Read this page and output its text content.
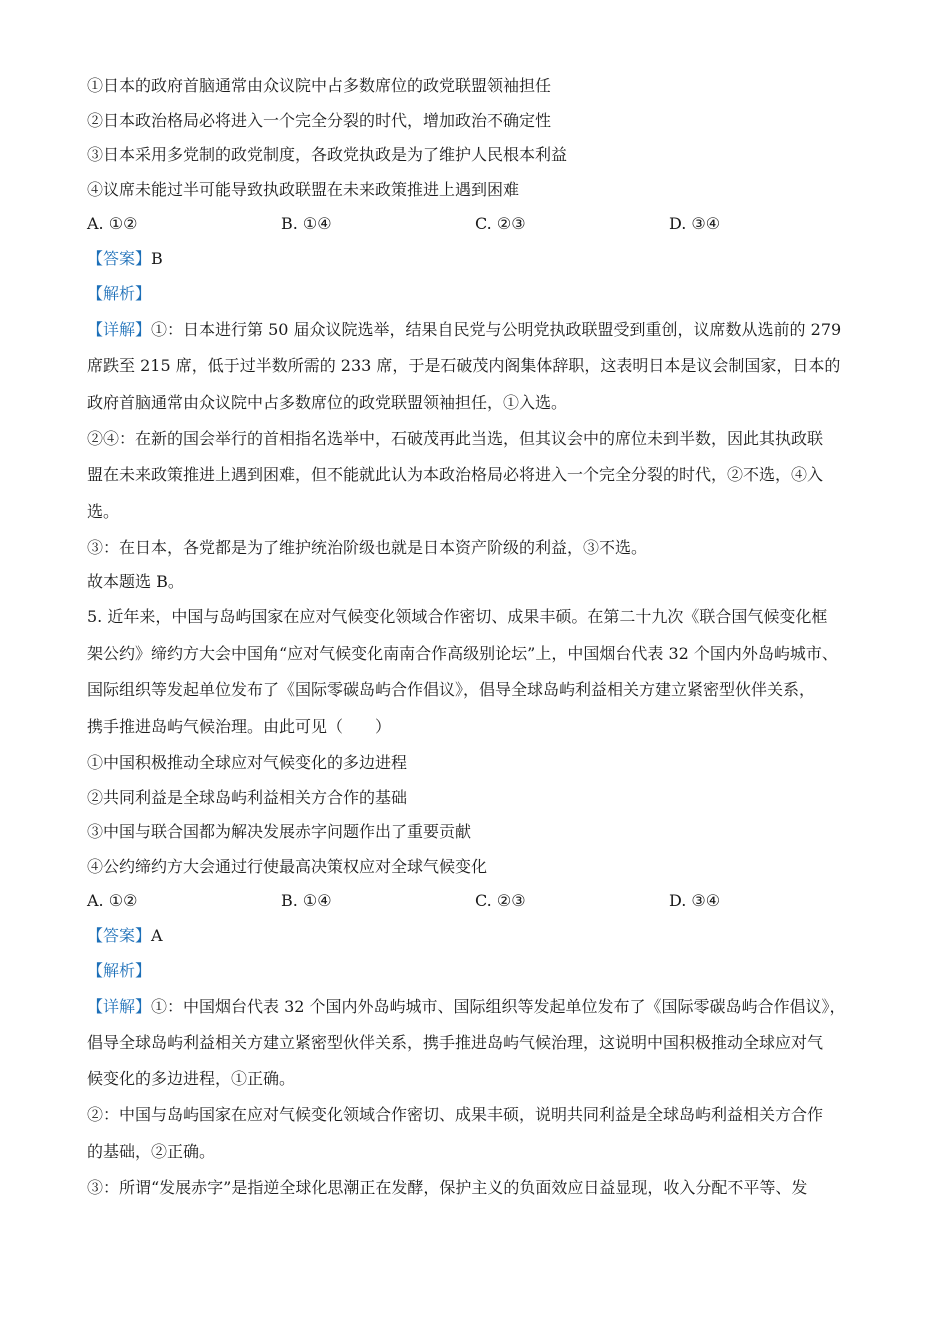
①日本的政府首脑通常由众议院中占多数席位的政党联盟领袖担任
②日本政治格局必将进入一个完全分裂的时代，增加政治不确定性
③日本采用多党制的政党制度，各政党执政是为了维护人民根本利益
④议席未能过半可能导致执政联盟在未来政策推进上遇到困难
A. ①②	B. ①④	C. ②③	D. ③④
【答案】B
【解析】
【详解】①：日本进行第 50 届众议院选举，结果自民党与公明党执政联盟受到重创，议席数从选前的 279
席跌至 215 席，低于过半数所需的 233 席，于是石破茂内阁集体辞职，这表明日本是议会制国家，日本的
政府首脑通常由众议院中占多数席位的政党联盟领袖担任，①入选。
②④：在新的国会举行的首相指名选举中，石破茂再此当选，但其议会中的席位未到半数，因此其执政联
盟在未来政策推进上遇到困难，但不能就此认为本政治格局必将进入一个完全分裂的时代，②不选，④入
选。
③：在日本，各党都是为了维护统治阶级也就是日本资产阶级的利益，③不选。
故本题选 B。
5. 近年来，中国与岛屿国家在应对气候变化领域合作密切、成果丰硕。在第二十九次《联合国气候变化框
架公约》缔约方大会中国角“应对气候变化南南合作高级别论坛”上，中国烟台代表 32 个国内外岛屿城市、
国际组织等发起单位发布了《国际零碳岛屿合作倡议》，倡导全球岛屿利益相关方建立紧密型伙伴关系，
携手推进岛屿气候治理。由此可见（　　）
①中国积极推动全球应对气候变化的多边进程
②共同利益是全球岛屿利益相关方合作的基础
③中国与联合国都为解决发展赤字问题作出了重要贡献
④公约缔约方大会通过行使最高决策权应对全球气候变化
A. ①②	B. ①④	C. ②③	D. ③④
【答案】A
【解析】
【详解】①：中国烟台代表 32 个国内外岛屿城市、国际组织等发起单位发布了《国际零碳岛屿合作倡议》，
倡导全球岛屿利益相关方建立紧密型伙伴关系，携手推进岛屿气候治理，这说明中国积极推动全球应对气
候变化的多边进程，①正确。
②：中国与岛屿国家在应对气候变化领域合作密切、成果丰硕，说明共同利益是全球岛屿利益相关方合作
的基础，②正确。
③：所谓“发展赤字”是指逆全球化思潮正在发酵，保护主义的负面效应日益显现，收入分配不平等、发
